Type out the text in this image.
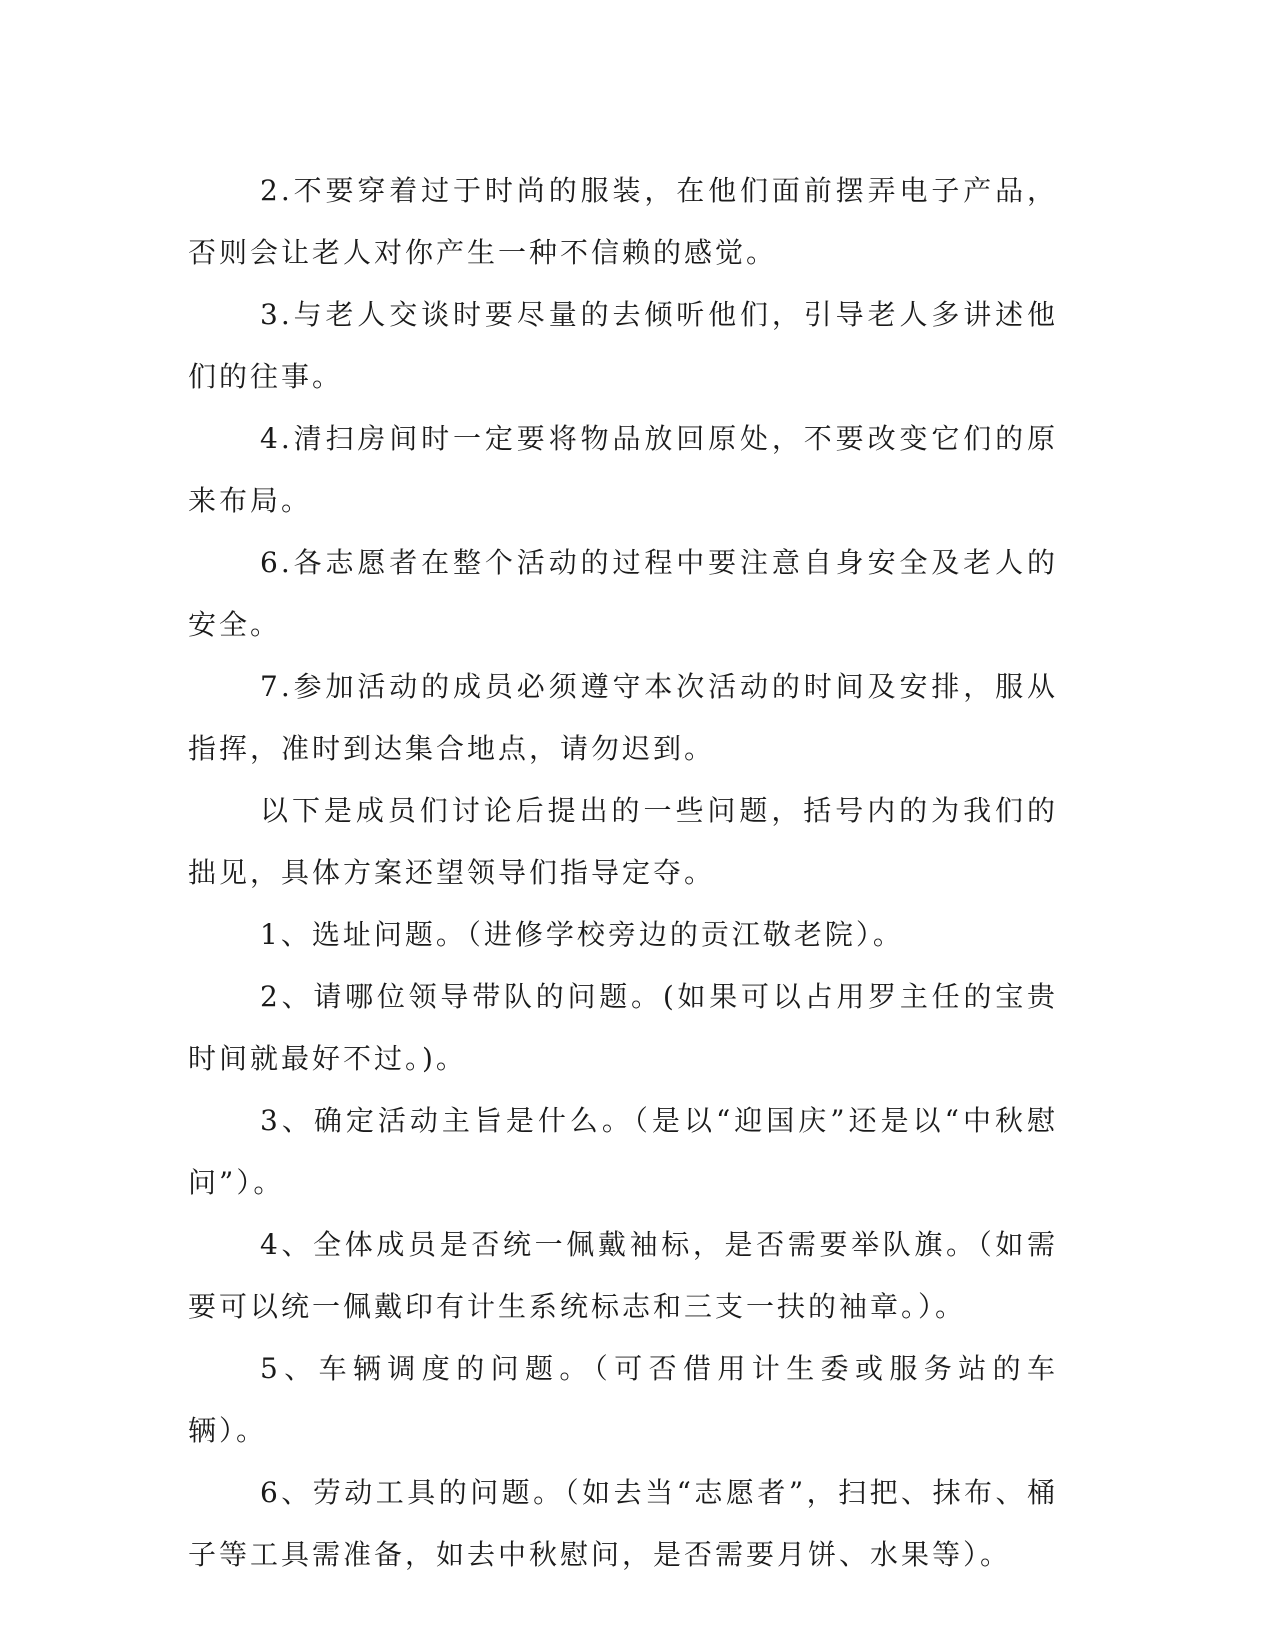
2.不要穿着过于时尚的服装，在他们面前摆弄电子产品，否则会让老人对你产生一种不信赖的感觉。

3.与老人交谈时要尽量的去倾听他们，引导老人多讲述他们的往事。

4.清扫房间时一定要将物品放回原处，不要改变它们的原来布局。

6.各志愿者在整个活动的过程中要注意自身安全及老人的安全。

7.参加活动的成员必须遵守本次活动的时间及安排，服从指挥，准时到达集合地点，请勿迟到。

以下是成员们讨论后提出的一些问题，括号内的为我们的拙见，具体方案还望领导们指导定夺。

1、选址问题。（进修学校旁边的贡江敬老院）。

2、请哪位领导带队的问题。(如果可以占用罗主任的宝贵时间就最好不过。)。

3、确定活动主旨是什么。（是以“迎国庆”还是以“中秋慰问”）。

4、全体成员是否统一佩戴袖标，是否需要举队旗。（如需要可以统一佩戴印有计生系统标志和三支一扶的袖章。）。

5、车辆调度的问题。（可否借用计生委或服务站的车辆）。

6、劳动工具的问题。（如去当“志愿者”，扫把、抹布、桶子等工具需准备，如去中秋慰问，是否需要月饼、水果等）。
